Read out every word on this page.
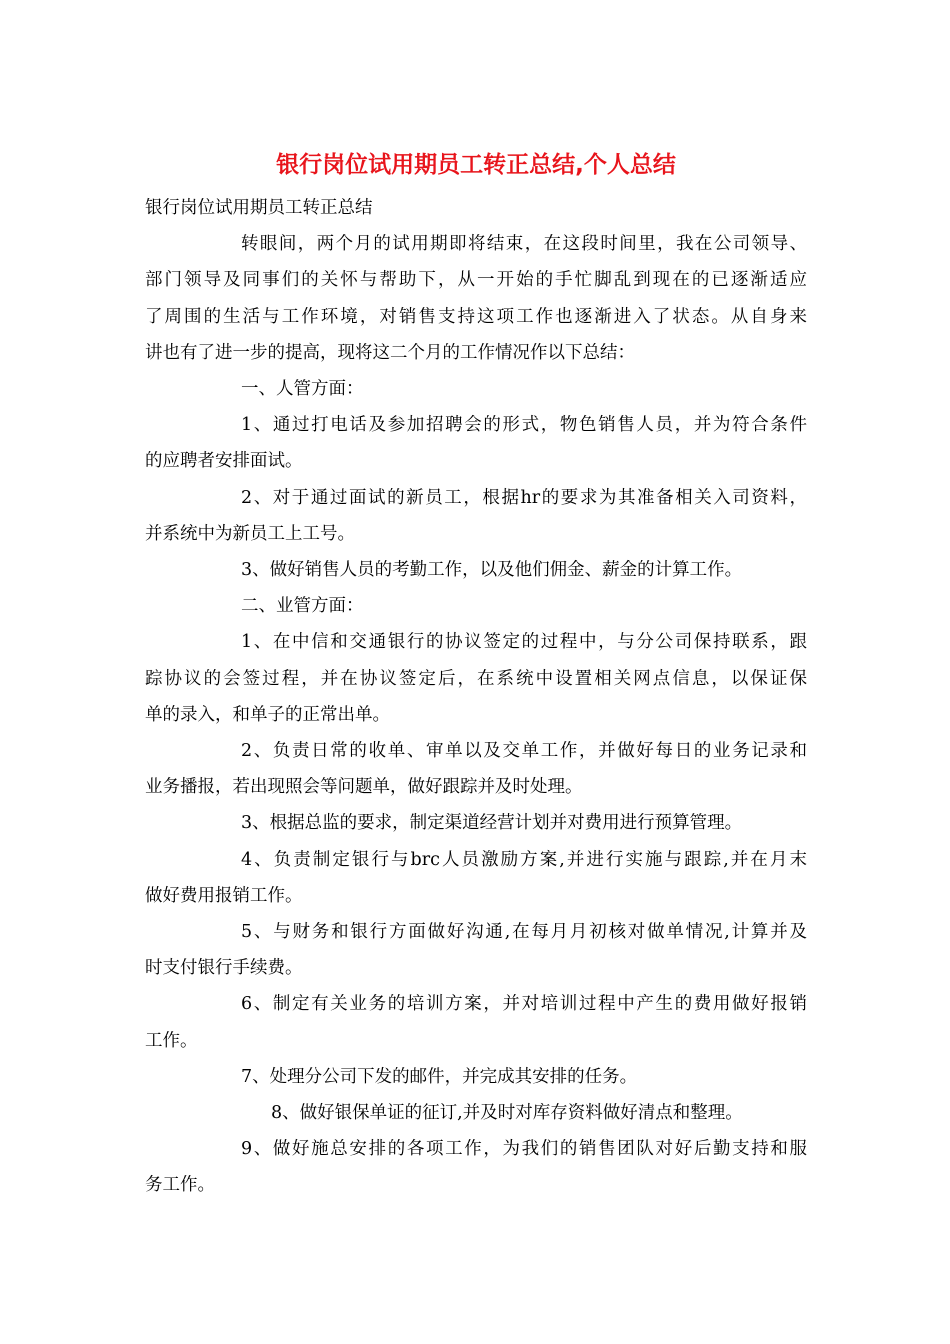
银行岗位试用期员工转正总结,个人总结

银行岗位试用期员工转正总结

转眼间，两个月的试用期即将结束，在这段时间里，我在公司领导、

部门领导及同事们的关怀与帮助下，从一开始的手忙脚乱到现在的已逐渐适应

了周围的生活与工作环境，对销售支持这项工作也逐渐进入了状态。从自身来

讲也有了进一步的提高，现将这二个月的工作情况作以下总结：

一、人管方面：

1、通过打电话及参加招聘会的形式，物色销售人员，并为符合条件

的应聘者安排面试。

2、对于通过面试的新员工，根据hr的要求为其准备相关入司资料，

并系统中为新员工上工号。

3、做好销售人员的考勤工作，以及他们佣金、薪金的计算工作。

二、业管方面：

1、在中信和交通银行的协议签定的过程中，与分公司保持联系，跟

踪协议的会签过程，并在协议签定后，在系统中设置相关网点信息，以保证保

单的录入，和单子的正常出单。

2、负责日常的收单、审单以及交单工作，并做好每日的业务记录和

业务播报，若出现照会等问题单，做好跟踪并及时处理。

3、根据总监的要求，制定渠道经营计划并对费用进行预算管理。

4、负责制定银行与brc人员激励方案,并进行实施与跟踪,并在月末

做好费用报销工作。

5、与财务和银行方面做好沟通,在每月月初核对做单情况,计算并及

时支付银行手续费。

6、制定有关业务的培训方案，并对培训过程中产生的费用做好报销

工作。

7、处理分公司下发的邮件，并完成其安排的任务。

8、做好银保单证的征订,并及时对库存资料做好清点和整理。

9、做好施总安排的各项工作，为我们的销售团队对好后勤支持和服

务工作。
